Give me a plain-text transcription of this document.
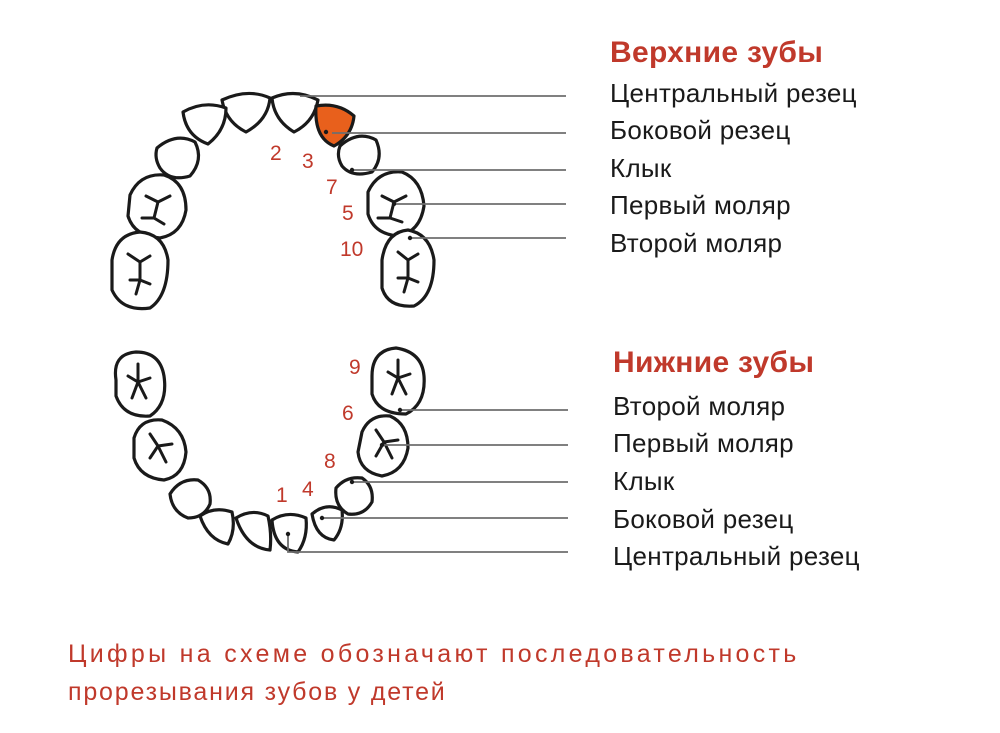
2 3
7
5
10
9
6
8
4
1
Верхние зубы
Центральный резец
Боковой резец
Клык
Первый моляр
Второй моляр
Нижние зубы
Второй моляр
Первый моляр
Клык
Боковой резец
Центральный резец
Цифры на схеме обозначают последовательность
прорезывания зубов у детей
